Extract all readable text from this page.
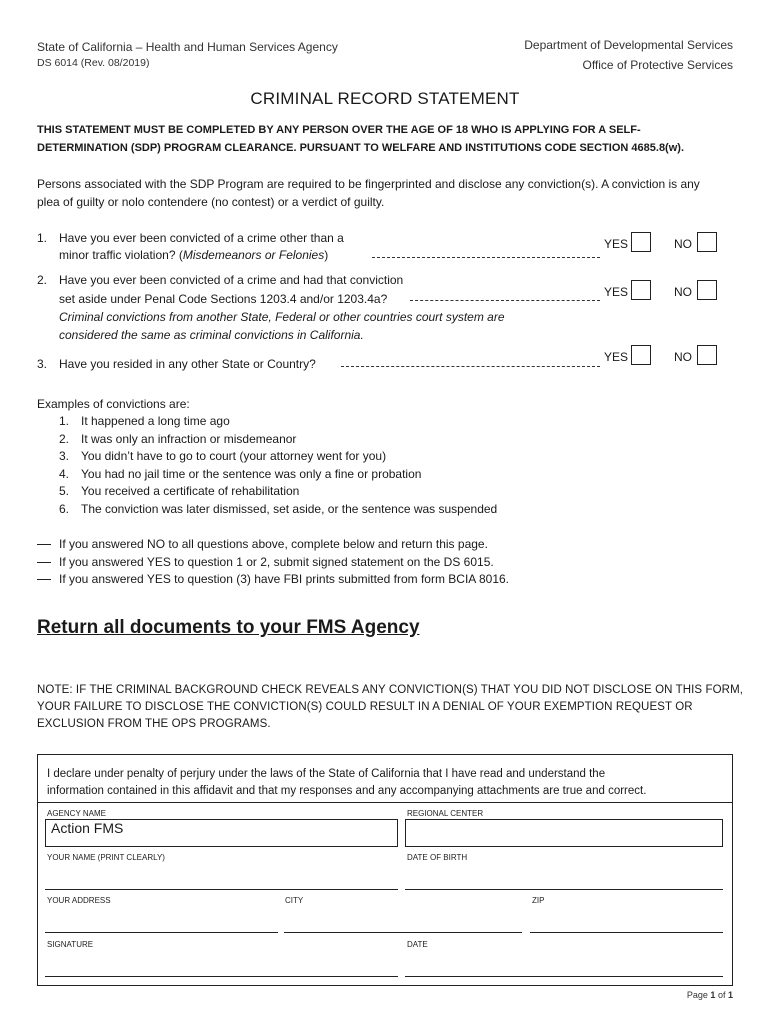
State of California – Health and Human Services Agency
DS 6014 (Rev. 08/2019)
Department of Developmental Services
Office of Protective Services
CRIMINAL RECORD STATEMENT
THIS STATEMENT MUST BE COMPLETED BY ANY PERSON OVER THE AGE OF 18 WHO IS APPLYING FOR A SELF-
DETERMINATION (SDP) PROGRAM CLEARANCE. PURSUANT TO WELFARE AND INSTITUTIONS CODE SECTION 4685.8(w).
Persons associated with the SDP Program are required to be fingerprinted and disclose any conviction(s). A conviction is any
plea of guilty or nolo contendere (no contest) or a verdict of guilty.
1. Have you ever been convicted of a crime other than a
minor traffic violation? (Misdemeanors or Felonies)
YES	NO
2. Have you ever been convicted of a crime and had that conviction
set aside under Penal Code Sections 1203.4 and/or 1203.4a?
Criminal convictions from another State, Federal or other countries court system are
considered the same as criminal convictions in California.
YES	NO
3. Have you resided in any other State or Country?	YES	NO
Examples of convictions are:
1. It happened a long time ago
2. It was only an infraction or misdemeanor
3. You didn’t have to go to court (your attorney went for you)
4. You had no jail time or the sentence was only a fine or probation
5. You received a certificate of rehabilitation
6. The conviction was later dismissed, set aside, or the sentence was suspended
If you answered NO to all questions above, complete below and return this page.
If you answered YES to question 1 or 2, submit signed statement on the DS 6015.
If you answered YES to question (3) have FBI prints submitted from form BCIA 8016.
Return all documents to your FMS Agency
NOTE: IF THE CRIMINAL BACKGROUND CHECK REVEALS ANY CONVICTION(S) THAT YOU DID NOT DISCLOSE ON THIS FORM,
YOUR FAILURE TO DISCLOSE THE CONVICTION(S) COULD RESULT IN A DENIAL OF YOUR EXEMPTION REQUEST OR
EXCLUSION FROM THE OPS PROGRAMS.
I declare under penalty of perjury under the laws of the State of California that I have read and understand the
information contained in this affidavit and that my responses and any accompanying attachments are true and correct.
AGENCY NAME
Action FMS
REGIONAL CENTER
YOUR NAME (PRINT CLEARLY)	DATE OF BIRTH
YOUR ADDRESS	CITY	ZIP
SIGNATURE	DATE
Page 1 of 1
